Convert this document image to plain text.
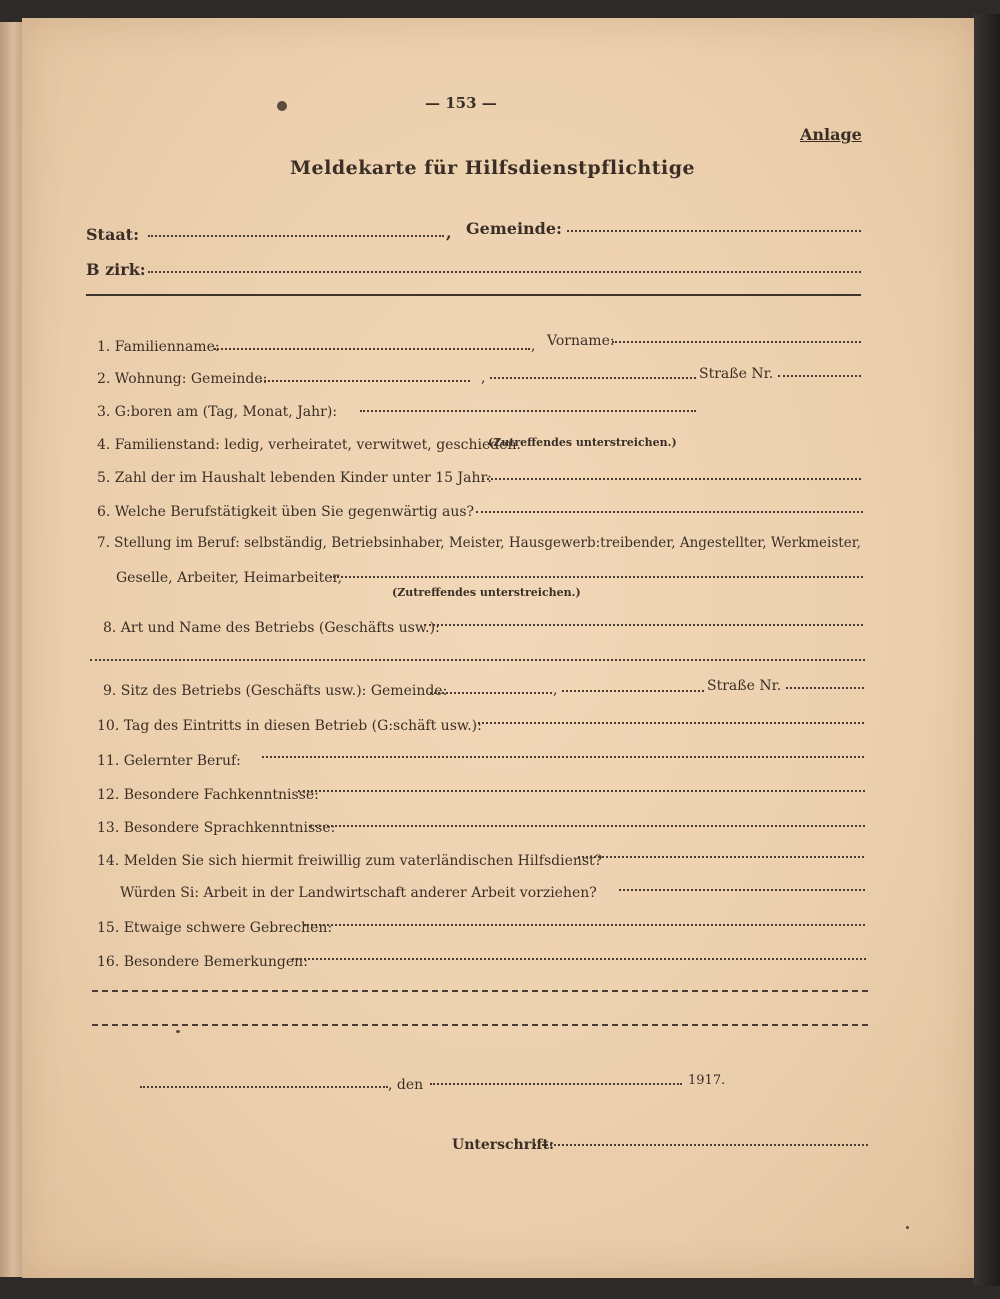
— 153 —
Anlage
Meldekarte für Hilfsdienstpflichtige
Staat:	, Gemeinde:
B zirk:
1. Familienname:	, Vorname:
2. Wohnung: Gemeinde:	,	Straße Nr.
3. G:boren am (Tag, Monat, Jahr):
4. Familienstand: ledig, verheiratet, verwitwet, geschieden.
(Zutreffendes unterstreichen.)
5. Zahl der im Haushalt lebenden Kinder unter 15 Jahr:
6. Welche Berufstätigkeit üben Sie gegenwärtig aus?
7. Stellung im Beruf: selbständig, Betriebsinhaber, Meister, Hausgewerb:treibender, Angestellter, Werkmeister,
Geselle, Arbeiter, Heimarbeiter,
(Zutreffendes unterstreichen.)
8. Art und Name des Betriebs (Geschäfts usw.):
9. Sitz des Betriebs (Geschäfts usw.): Gemeinde:	,	Straße Nr.
10. Tag des Eintritts in diesen Betrieb (G:schäft usw.):
11. Gelernter Beruf:
12. Besondere Fachkenntnisse:
13. Besondere Sprachkenntnisse:
14. Melden Sie sich hiermit freiwillig zum vaterländischen Hilfsdienst?
Würden Si: Arbeit in der Landwirtschaft anderer Arbeit vorziehen?
15. Etwaige schwere Gebrechen:
16. Besondere Bemerkungen:
, den	1917.
Unterschrift:
